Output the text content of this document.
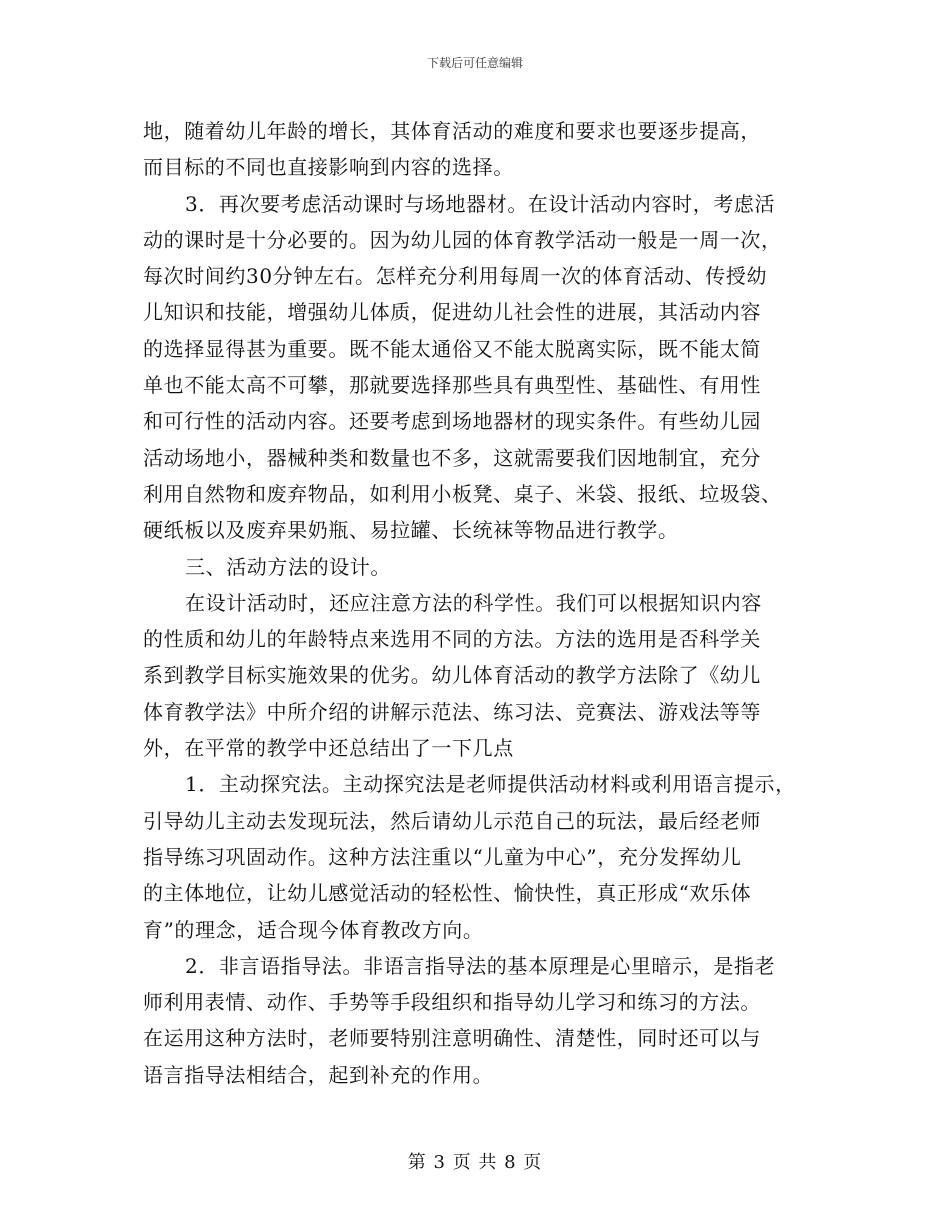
下载后可任意编辑
地，随着幼儿年龄的增长，其体育活动的难度和要求也要逐步提高，
而目标的不同也直接影响到内容的选择。
3．再次要考虑活动课时与场地器材。在设计活动内容时，考虑活
动的课时是十分必要的。因为幼儿园的体育教学活动一般是一周一次，
每次时间约30分钟左右。怎样充分利用每周一次的体育活动、传授幼
儿知识和技能，增强幼儿体质，促进幼儿社会性的进展，其活动内容
的选择显得甚为重要。既不能太通俗又不能太脱离实际，既不能太简
单也不能太高不可攀，那就要选择那些具有典型性、基础性、有用性
和可行性的活动内容。还要考虑到场地器材的现实条件。有些幼儿园
活动场地小，器械种类和数量也不多，这就需要我们因地制宜，充分
利用自然物和废弃物品，如利用小板凳、桌子、米袋、报纸、垃圾袋、
硬纸板以及废弃果奶瓶、易拉罐、长统袜等物品进行教学。
三、活动方法的设计。
在设计活动时，还应注意方法的科学性。我们可以根据知识内容
的性质和幼儿的年龄特点来选用不同的方法。方法的选用是否科学关
系到教学目标实施效果的优劣。幼儿体育活动的教学方法除了《幼儿
体育教学法》中所介绍的讲解示范法、练习法、竞赛法、游戏法等等
外，在平常的教学中还总结出了一下几点
1．主动探究法。主动探究法是老师提供活动材料或利用语言提示，
引导幼儿主动去发现玩法，然后请幼儿示范自己的玩法，最后经老师
指导练习巩固动作。这种方法注重以“儿童为中心”，充分发挥幼儿
的主体地位，让幼儿感觉活动的轻松性、愉快性，真正形成“欢乐体
育”的理念，适合现今体育教改方向。
2．非言语指导法。非语言指导法的基本原理是心里暗示，是指老
师利用表情、动作、手势等手段组织和指导幼儿学习和练习的方法。
在运用这种方法时，老师要特别注意明确性、清楚性，同时还可以与
语言指导法相结合，起到补充的作用。
第 3 页 共 8 页
